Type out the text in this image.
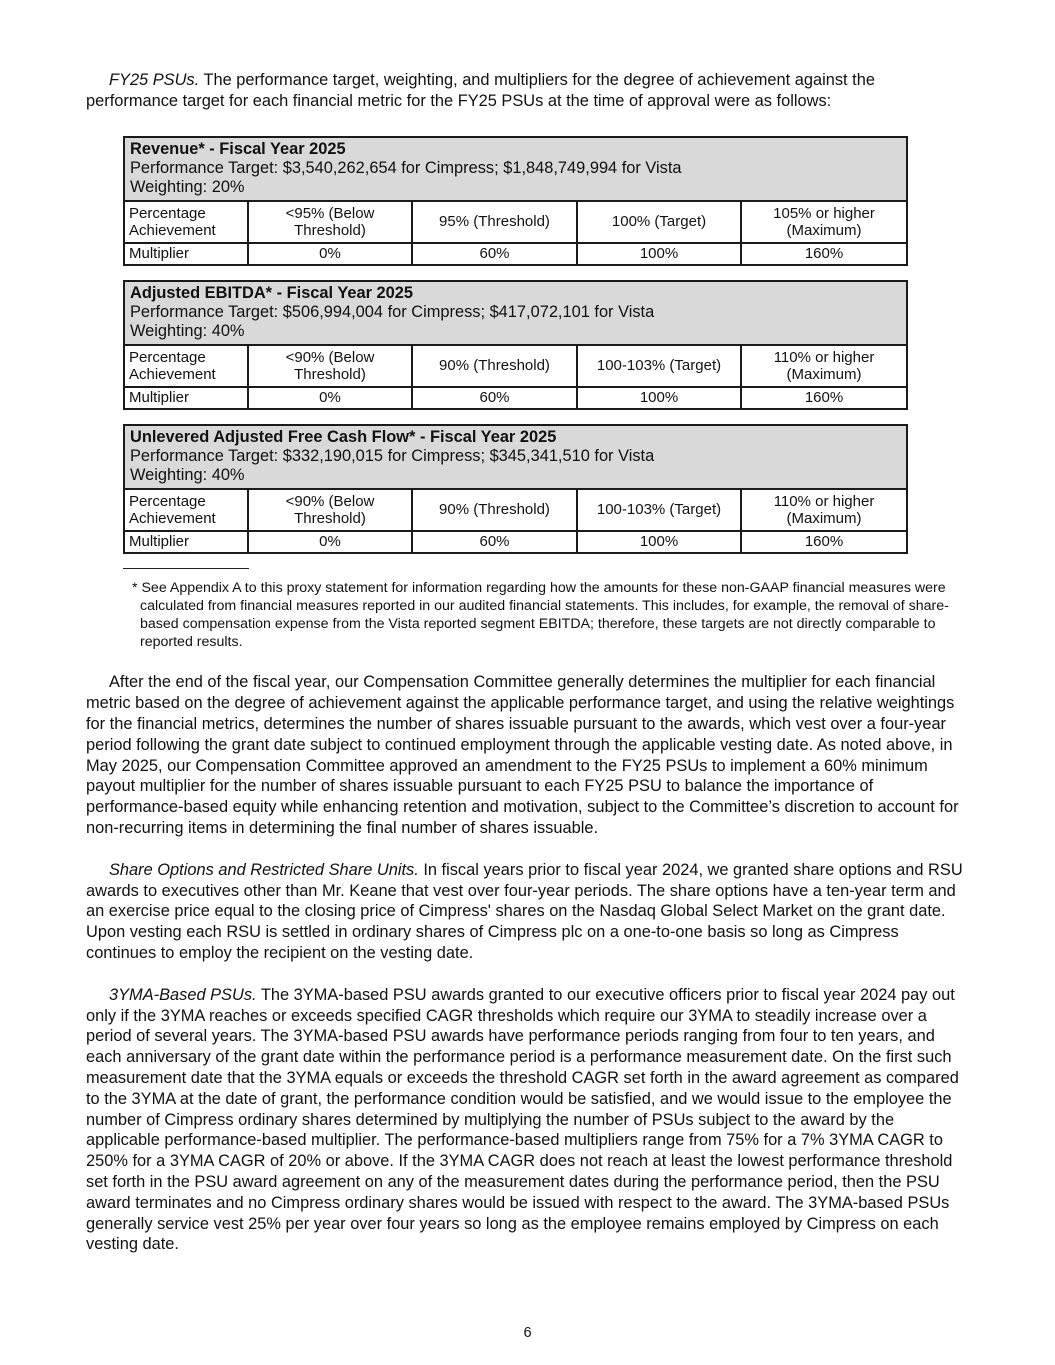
FY25 PSUs. The performance target, weighting, and multipliers for the degree of achievement against the performance target for each financial metric for the FY25 PSUs at the time of approval were as follows:

Revenue* - Fiscal Year 2025
Performance Target: $3,540,262,654 for Cimpress; $1,848,749,994 for Vista
Weighting: 20%				

Percentage Achievement	<95% (Below Threshold)	95% (Threshold)	100% (Target)	105% or higher (Maximum)
Multiplier	0%	60%	100%	160%
Adjusted EBITDA* - Fiscal Year 2025
Performance Target: $506,994,004 for Cimpress; $417,072,101 for Vista
Weighting: 40%				

Percentage Achievement	<90% (Below Threshold)	90% (Threshold)	100-103% (Target)	110% or higher (Maximum)
Multiplier	0%	60%	100%	160%
Unlevered Adjusted Free Cash Flow* - Fiscal Year 2025
Performance Target: $332,190,015 for Cimpress; $345,341,510 for Vista
Weighting: 40%				

Percentage Achievement	<90% (Below Threshold)	90% (Threshold)	100-103% (Target)	110% or higher (Maximum)
Multiplier	0%	60%	100%	160%
* See Appendix A to this proxy statement for information regarding how the amounts for these non-GAAP financial measures were calculated from financial measures reported in our audited financial statements. This includes, for example, the removal of share-based compensation expense from the Vista reported segment EBITDA; therefore, these targets are not directly comparable to reported results.

After the end of the fiscal year, our Compensation Committee generally determines the multiplier for each financial metric based on the degree of achievement against the applicable performance target, and using the relative weightings for the financial metrics, determines the number of shares issuable pursuant to the awards, which vest over a four-year period following the grant date subject to continued employment through the applicable vesting date. As noted above, in May 2025, our Compensation Committee approved an amendment to the FY25 PSUs to implement a 60% minimum payout multiplier for the number of shares issuable pursuant to each FY25 PSU to balance the importance of performance-based equity while enhancing retention and motivation, subject to the Committee’s discretion to account for non-recurring items in determining the final number of shares issuable.

Share Options and Restricted Share Units. In fiscal years prior to fiscal year 2024, we granted share options and RSU awards to executives other than Mr. Keane that vest over four-year periods. The share options have a ten-year term and an exercise price equal to the closing price of Cimpress' shares on the Nasdaq Global Select Market on the grant date. Upon vesting each RSU is settled in ordinary shares of Cimpress plc on a one-to-one basis so long as Cimpress continues to employ the recipient on the vesting date.

3YMA-Based PSUs. The 3YMA-based PSU awards granted to our executive officers prior to fiscal year 2024 pay out only if the 3YMA reaches or exceeds specified CAGR thresholds which require our 3YMA to steadily increase over a period of several years. The 3YMA-based PSU awards have performance periods ranging from four to ten years, and each anniversary of the grant date within the performance period is a performance measurement date. On the first such measurement date that the 3YMA equals or exceeds the threshold CAGR set forth in the award agreement as compared to the 3YMA at the date of grant, the performance condition would be satisfied, and we would issue to the employee the number of Cimpress ordinary shares determined by multiplying the number of PSUs subject to the award by the applicable performance-based multiplier. The performance-based multipliers range from 75% for a 7% 3YMA CAGR to 250% for a 3YMA CAGR of 20% or above. If the 3YMA CAGR does not reach at least the lowest performance threshold set forth in the PSU award agreement on any of the measurement dates during the performance period, then the PSU award terminates and no Cimpress ordinary shares would be issued with respect to the award. The 3YMA-based PSUs generally service vest 25% per year over four years so long as the employee remains employed by Cimpress on each vesting date.

6
